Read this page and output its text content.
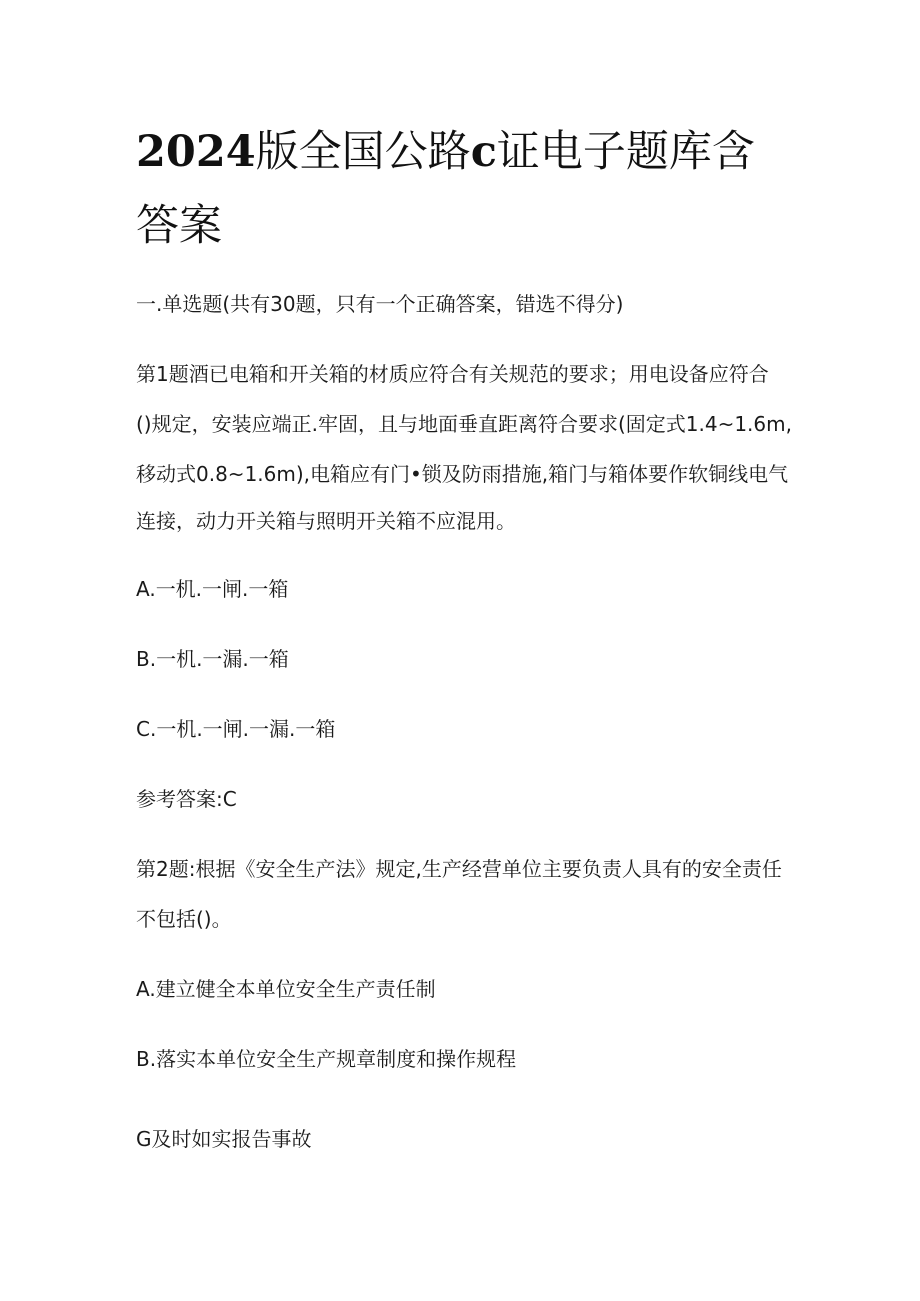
2024版全国公路c证电子题库含
答案

一.单选题(共有30题，只有一个正确答案，错选不得分)

第1题酒已电箱和开关箱的材质应符合有关规范的要求；用电设备应符合

()规定，安装应端正.牢固，且与地面垂直距离符合要求(固定式1.4~1.6m,

移动式0.8~1.6m),电箱应有门•锁及防雨措施,箱门与箱体要作软铜线电气

连接，动力开关箱与照明开关箱不应混用。

A.一机.一闸.一箱

B.一机.一漏.一箱

C.一机.一闸.一漏.一箱

参考答案:C

第2题:根据《安全生产法》规定,生产经营单位主要负责人具有的安全责任

不包括()。

A.建立健全本单位安全生产责任制

B.落实本单位安全生产规章制度和操作规程

G及时如实报告事故
